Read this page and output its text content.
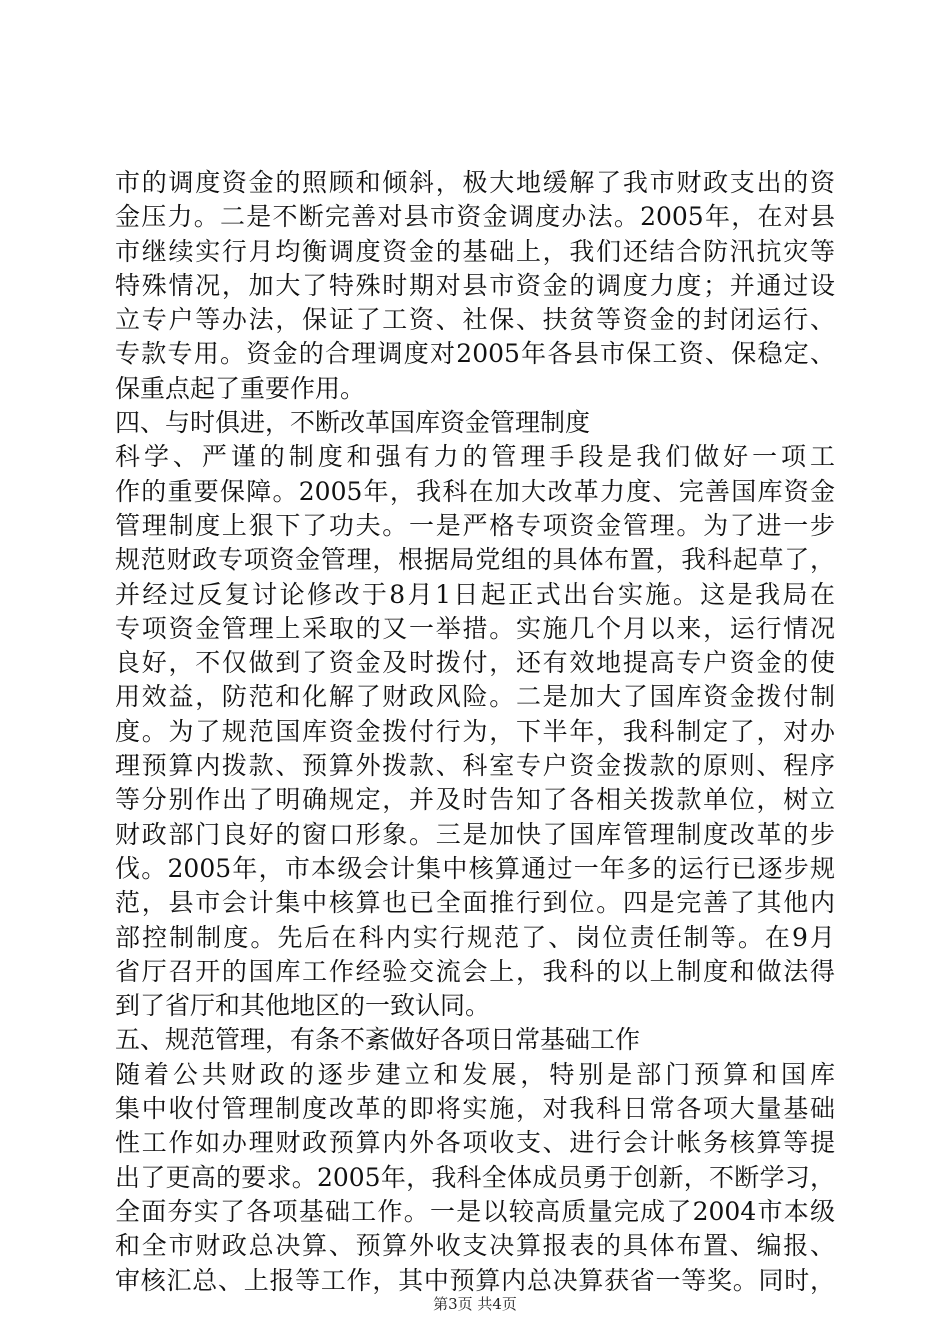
市的调度资金的照顾和倾斜，极大地缓解了我市财政支出的资
金压力。二是不断完善对县市资金调度办法。2005年，在对县
市继续实行月均衡调度资金的基础上，我们还结合防汛抗灾等
特殊情况，加大了特殊时期对县市资金的调度力度；并通过设
立专户等办法，保证了工资、社保、扶贫等资金的封闭运行、
专款专用。资金的合理调度对2005年各县市保工资、保稳定、
保重点起了重要作用。
四、与时俱进，不断改革国库资金管理制度
科学、严谨的制度和强有力的管理手段是我们做好一项工
作的重要保障。2005年，我科在加大改革力度、完善国库资金
管理制度上狠下了功夫。一是严格专项资金管理。为了进一步
规范财政专项资金管理，根据局党组的具体布置，我科起草了，
并经过反复讨论修改于8月1日起正式出台实施。这是我局在
专项资金管理上采取的又一举措。实施几个月以来，运行情况
良好，不仅做到了资金及时拨付，还有效地提高专户资金的使
用效益，防范和化解了财政风险。二是加大了国库资金拨付制
度。为了规范国库资金拨付行为，下半年，我科制定了，对办
理预算内拨款、预算外拨款、科室专户资金拨款的原则、程序
等分别作出了明确规定，并及时告知了各相关拨款单位，树立
财政部门良好的窗口形象。三是加快了国库管理制度改革的步
伐。2005年，市本级会计集中核算通过一年多的运行已逐步规
范，县市会计集中核算也已全面推行到位。四是完善了其他内
部控制制度。先后在科内实行规范了、岗位责任制等。在9月
省厅召开的国库工作经验交流会上，我科的以上制度和做法得
到了省厅和其他地区的一致认同。
五、规范管理，有条不紊做好各项日常基础工作
随着公共财政的逐步建立和发展，特别是部门预算和国库
集中收付管理制度改革的即将实施，对我科日常各项大量基础
性工作如办理财政预算内外各项收支、进行会计帐务核算等提
出了更高的要求。2005年，我科全体成员勇于创新，不断学习，
全面夯实了各项基础工作。一是以较高质量完成了2004市本级
和全市财政总决算、预算外收支决算报表的具体布置、编报、
审核汇总、上报等工作，其中预算内总决算获省一等奖。同时，
第3页 共4页
